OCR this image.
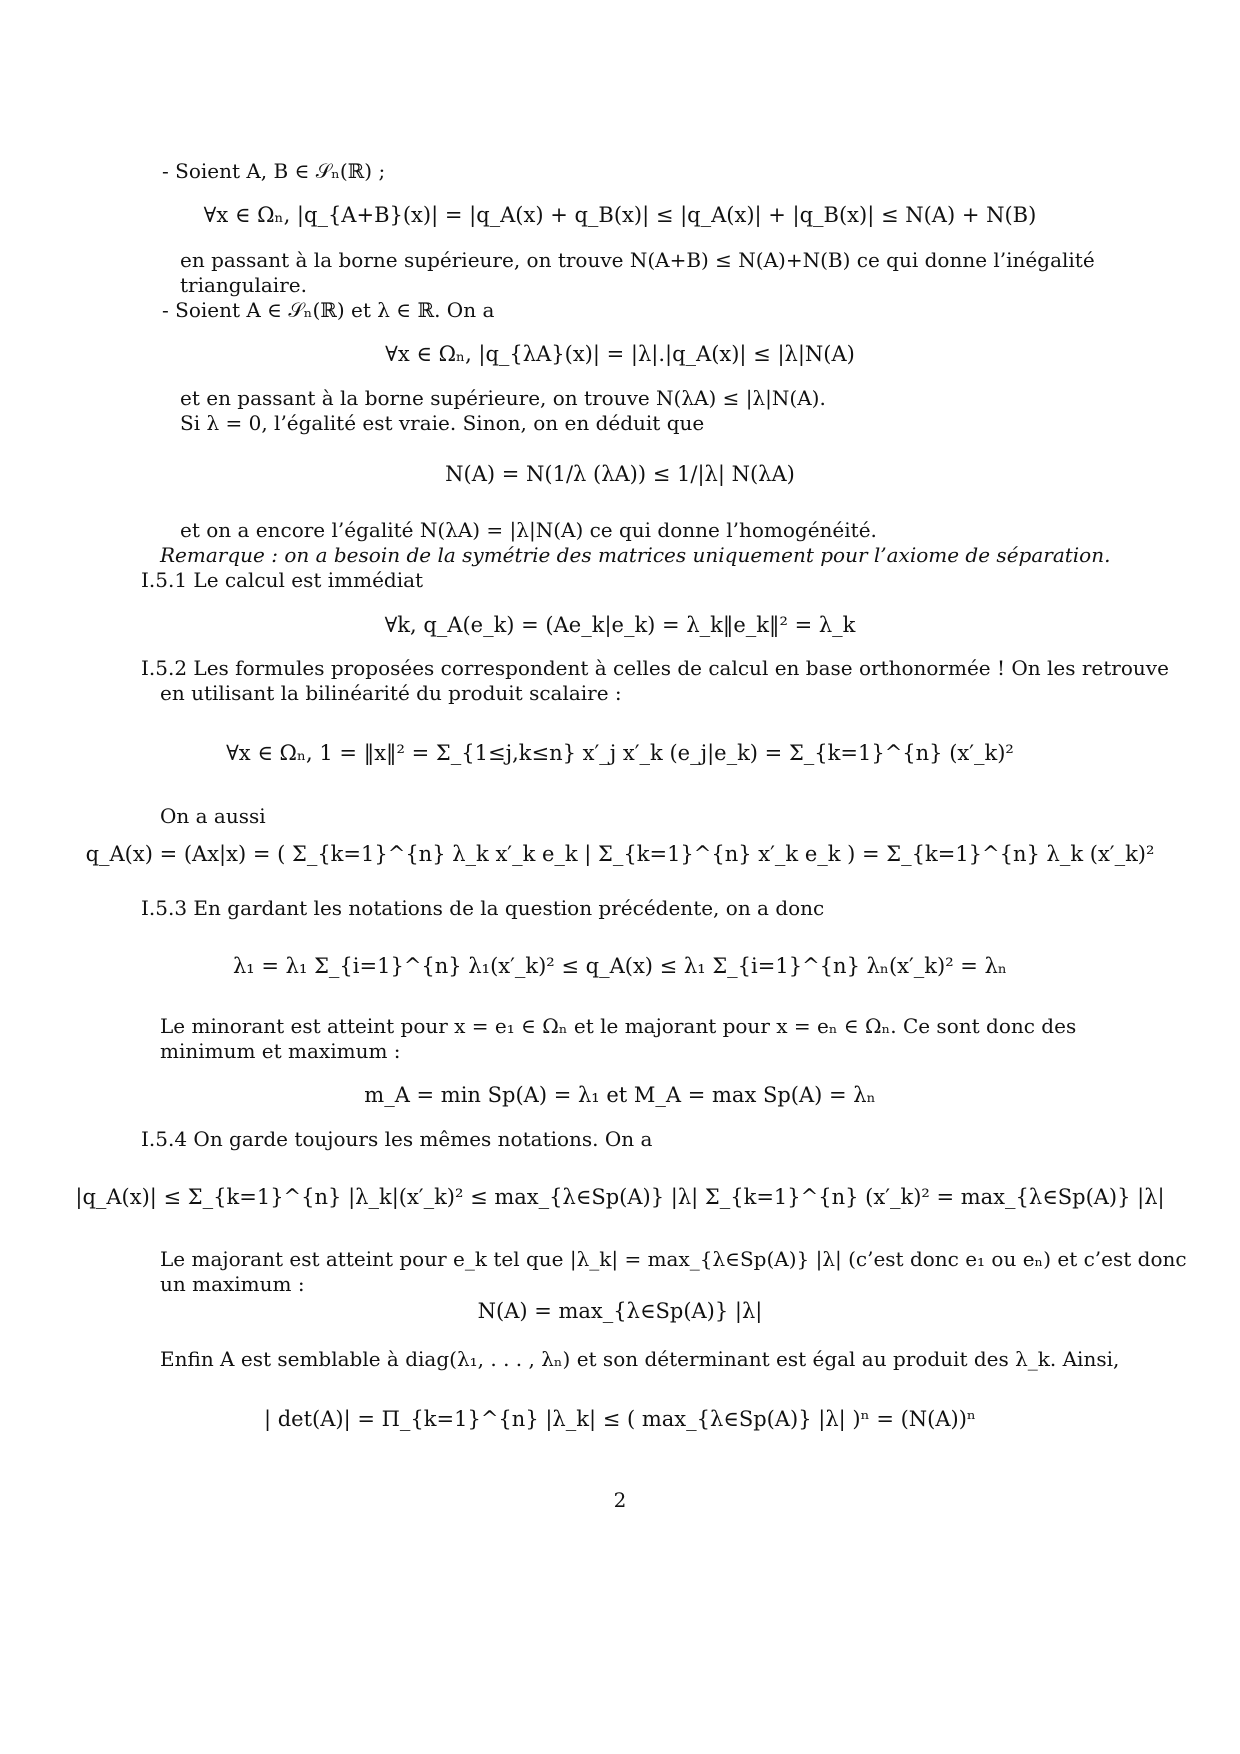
- Soient A, B ∈ 𝒮ₙ(ℝ) ;
∀x ∈ Ωₙ, |q_{A+B}(x)| = |q_A(x) + q_B(x)| ≤ |q_A(x)| + |q_B(x)| ≤ N(A) + N(B)
en passant à la borne supérieure, on trouve N(A+B) ≤ N(A)+N(B) ce qui donne l’inégalité
triangulaire.
- Soient A ∈ 𝒮ₙ(ℝ) et λ ∈ ℝ. On a
∀x ∈ Ωₙ, |q_{λA}(x)| = |λ|.|q_A(x)| ≤ |λ|N(A)
et en passant à la borne supérieure, on trouve N(λA) ≤ |λ|N(A).
Si λ = 0, l’égalité est vraie. Sinon, on en déduit que
N(A) = N(1/λ (λA)) ≤ 1/|λ| N(λA)
et on a encore l’égalité N(λA) = |λ|N(A) ce qui donne l’homogénéité.
Remarque : on a besoin de la symétrie des matrices uniquement pour l’axiome de séparation.
I.5.1 Le calcul est immédiat
∀k, q_A(e_k) = (Ae_k|e_k) = λ_k‖e_k‖² = λ_k
I.5.2 Les formules proposées correspondent à celles de calcul en base orthonormée ! On les retrouve
en utilisant la bilinéarité du produit scalaire :
∀x ∈ Ωₙ, 1 = ‖x‖² = Σ_{1≤j,k≤n} x′_j x′_k (e_j|e_k) = Σ_{k=1}^{n} (x′_k)²
On a aussi
q_A(x) = (Ax|x) = ( Σ_{k=1}^{n} λ_k x′_k e_k | Σ_{k=1}^{n} x′_k e_k ) = Σ_{k=1}^{n} λ_k (x′_k)²
I.5.3 En gardant les notations de la question précédente, on a donc
λ₁ = λ₁ Σ_{i=1}^{n} λ₁(x′_k)² ≤ q_A(x) ≤ λ₁ Σ_{i=1}^{n} λₙ(x′_k)² = λₙ
Le minorant est atteint pour x = e₁ ∈ Ωₙ et le majorant pour x = eₙ ∈ Ωₙ. Ce sont donc des
minimum et maximum :
m_A = min Sp(A) = λ₁ et M_A = max Sp(A) = λₙ
I.5.4 On garde toujours les mêmes notations. On a
|q_A(x)| ≤ Σ_{k=1}^{n} |λ_k|(x′_k)² ≤ max_{λ∈Sp(A)} |λ| Σ_{k=1}^{n} (x′_k)² = max_{λ∈Sp(A)} |λ|
Le majorant est atteint pour e_k tel que |λ_k| = max_{λ∈Sp(A)} |λ| (c’est donc e₁ ou eₙ) et c’est donc
un maximum :
N(A) = max_{λ∈Sp(A)} |λ|
Enfin A est semblable à diag(λ₁, . . . , λₙ) et son déterminant est égal au produit des λ_k. Ainsi,
| det(A)| = Π_{k=1}^{n} |λ_k| ≤ ( max_{λ∈Sp(A)} |λ| )ⁿ = (N(A))ⁿ
2
